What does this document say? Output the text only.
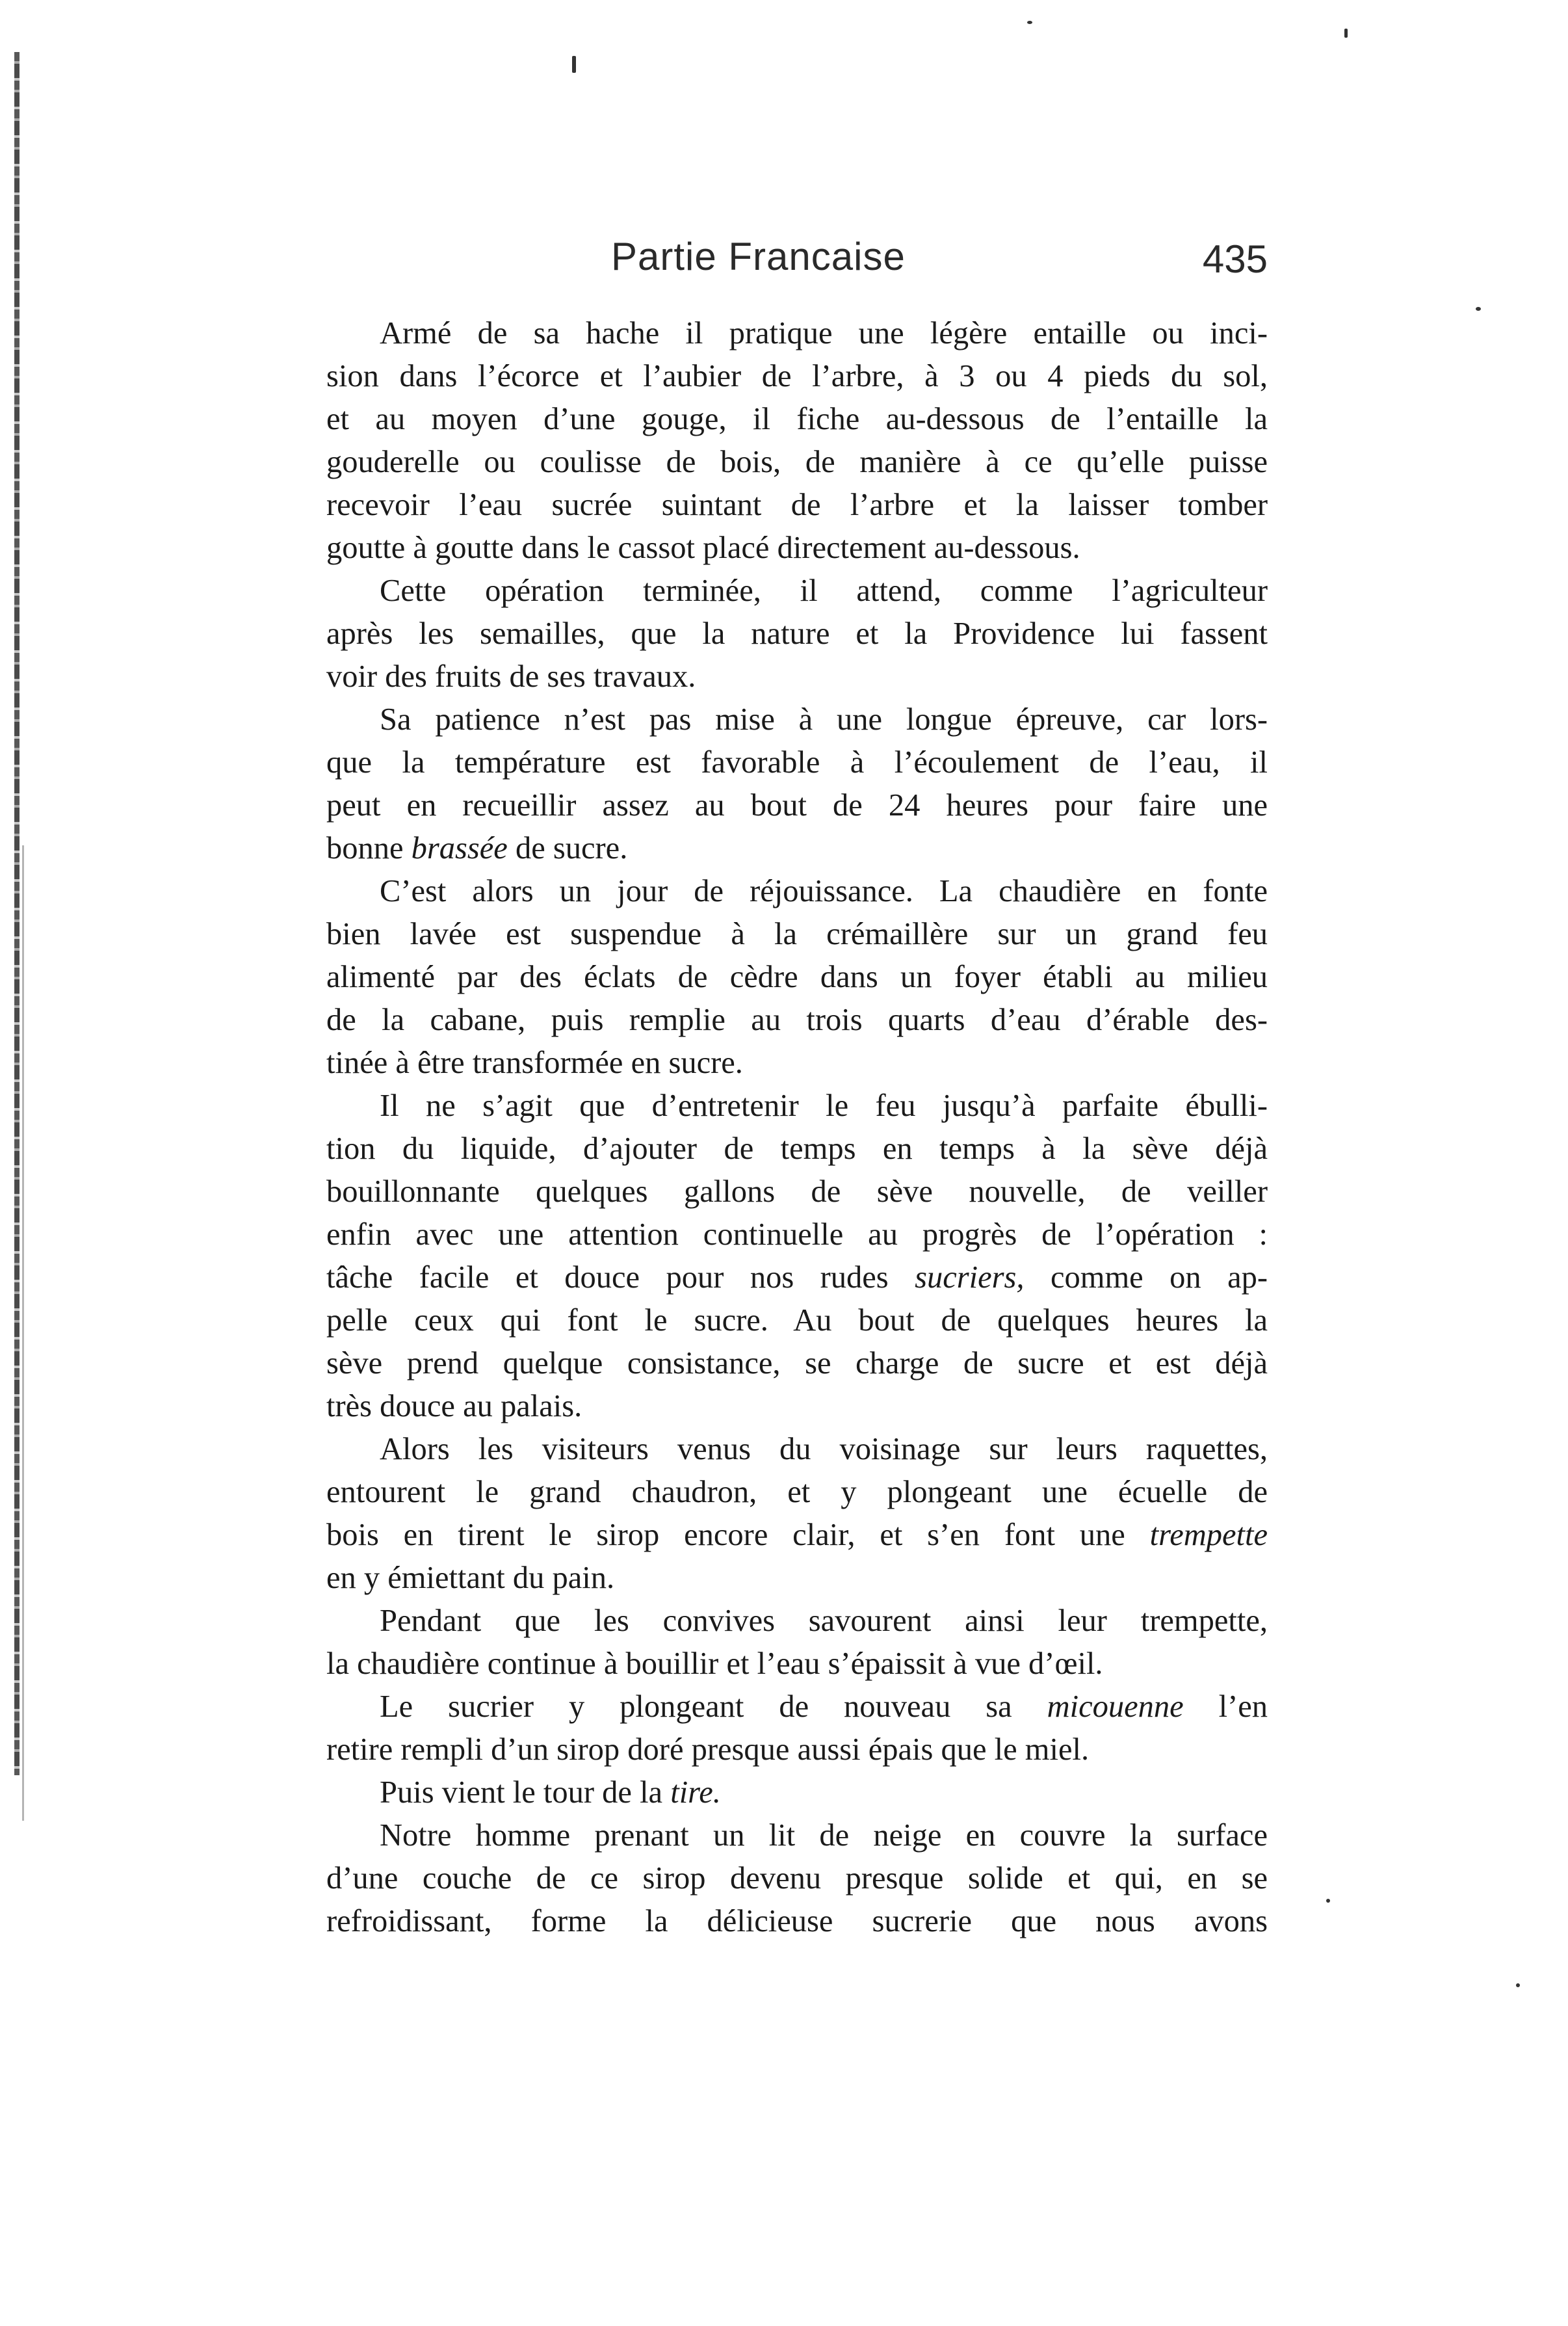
Partie Francaise	435
Armé de sa hache il pratique une légère entaille ou inci-
sion dans l’écorce et l’aubier de l’arbre, à 3 ou 4 pieds du sol,
et au moyen d’une gouge, il fiche au-dessous de l’entaille la
gouderelle ou coulisse de bois, de manière à ce qu’elle puisse
recevoir l’eau sucrée suintant de l’arbre et la laisser tomber
goutte à goutte dans le cassot placé directement au-dessous.
Cette opération terminée, il attend, comme l’agriculteur
après les semailles, que la nature et la Providence lui fassent
voir des fruits de ses travaux.
Sa patience n’est pas mise à une longue épreuve, car lors-
que la température est favorable à l’écoulement de l’eau, il
peut en recueillir assez au bout de 24 heures pour faire une
bonne brassée de sucre.
C’est alors un jour de réjouissance. La chaudière en fonte
bien lavée est suspendue à la crémaillère sur un grand feu
alimenté par des éclats de cèdre dans un foyer établi au milieu
de la cabane, puis remplie au trois quarts d’eau d’érable des-
tinée à être transformée en sucre.
Il ne s’agit que d’entretenir le feu jusqu’à parfaite ébulli-
tion du liquide, d’ajouter de temps en temps à la sève déjà
bouillonnante quelques gallons de sève nouvelle, de veiller
enfin avec une attention continuelle au progrès de l’opération :
tâche facile et douce pour nos rudes sucriers, comme on ap-
pelle ceux qui font le sucre. Au bout de quelques heures la
sève prend quelque consistance, se charge de sucre et est déjà
très douce au palais.
Alors les visiteurs venus du voisinage sur leurs raquettes,
entourent le grand chaudron, et y plongeant une écuelle de
bois en tirent le sirop encore clair, et s’en font une trempette
en y émiettant du pain.
Pendant que les convives savourent ainsi leur trempette,
la chaudière continue à bouillir et l’eau s’épaissit à vue d’œil.
Le sucrier y plongeant de nouveau sa micouenne l’en
retire rempli d’un sirop doré presque aussi épais que le miel.
Puis vient le tour de la tire.
Notre homme prenant un lit de neige en couvre la surface
d’une couche de ce sirop devenu presque solide et qui, en se
refroidissant, forme la délicieuse sucrerie que nous avons
